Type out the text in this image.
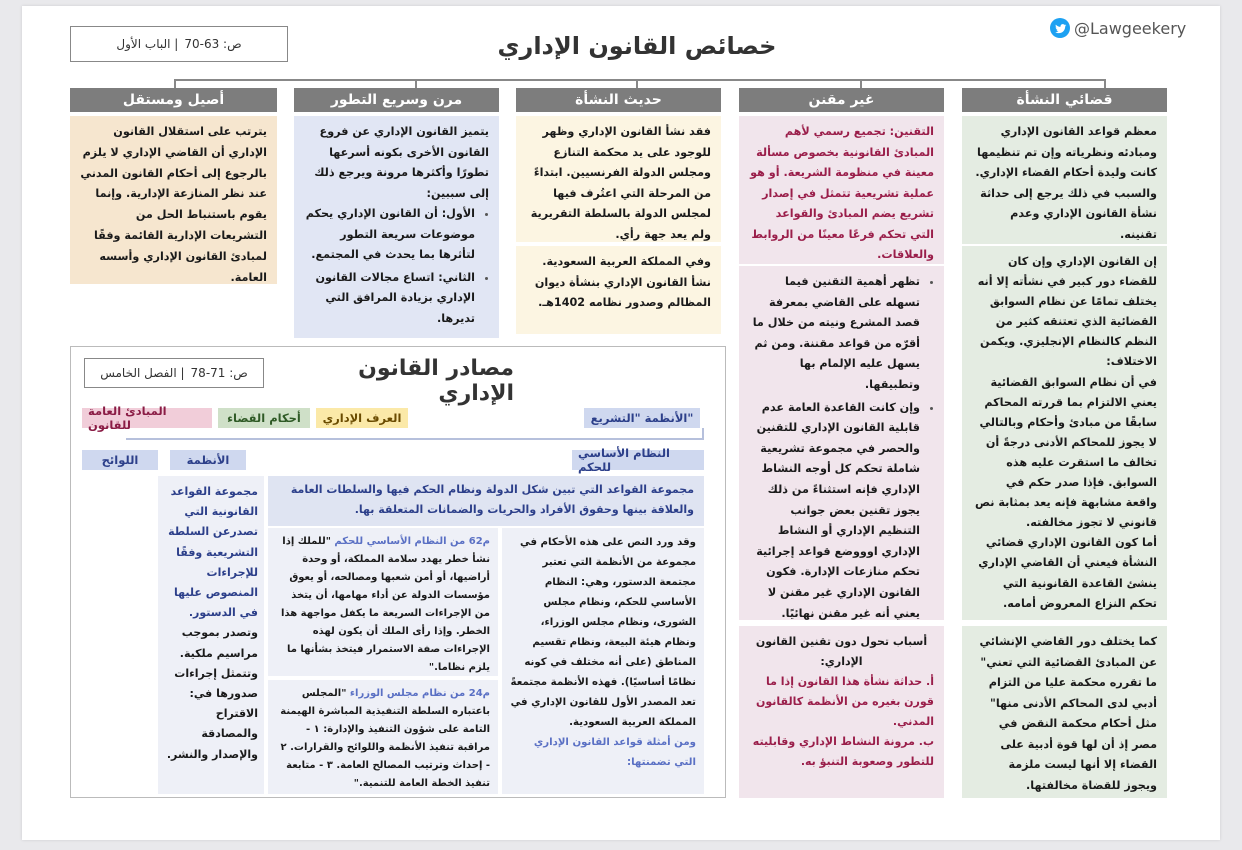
@Lawgeekery
ص: 63-70
| الباب الأول	خصائص القانون الإداري
قضائي النشأة
معظم قواعد القانون الإداري ومبادئه ونظرياته وإن تم تنظيمها كانت وليدة أحكام القضاء الإداري. والسبب في ذلك يرجع إلى حداثة نشأة القانون الإداري وعدم تقنينه.
إن القانون الإداري وإن كان للقضاء دور كبير في نشأته إلا أنه يختلف تمامًا عن نظام السوابق القضائية الذي تعتنقه كثير من النظم كالنظام الإنجليزي. ويكمن الاختلاف:
في أن نظام السوابق القضائية يعني الالتزام بما قررته المحاكم سابقًا من مبادئ وأحكام وبالتالي لا يجوز للمحاكم الأدنى درجةً أن تخالف ما استقرت عليه هذه السوابق. فإذا صدر حكم في واقعة مشابهة فإنه يعد بمثابة نص قانوني لا تجوز مخالفته.
أما كون القانون الإداري قضائي النشأة فيعني أن القاضي الإداري ينشئ القاعدة القانونية التي تحكم النزاع المعروض أمامه.
كما يختلف دور القاضي الإنشائي عن المبادئ القضائية التي تعني" ما تقرره محكمة عليا من التزام أدبي لدى المحاكم الأدنى منها" مثل أحكام محكمة النقض في مصر إذ أن لها قوة أدبية على القضاء إلا أنها ليست ملزمة ويجوز للقضاة مخالفتها.
غير مقنن
التقنين: تجميع رسمي لأهم المبادئ القانونية بخصوص مسألة معينة في منظومة الشريعة. أو هو عملية تشريعية تتمثل في إصدار تشريع يضم المبادئ والقواعد التي تحكم فرعًا معينًا من الروابط والعلاقات.
• تظهر أهمية التقنين فيما تسهله على القاضي بمعرفة قصد المشرع ونيته من خلال ما أقرّه من قواعد مقننة. ومن ثم يسهل عليه الإلمام بها وتطبيقها.
• وإن كانت القاعدة العامة عدم قابلية القانون الإداري للتقنين والحصر في مجموعة تشريعية شاملة تحكم كل أوجه النشاط الإداري فإنه استثناءً من ذلك يجوز تقنين بعض جوانب التنظيم الإداري أو النشاط الإداري اوووضع قواعد إجرائية تحكم منازعات الإدارة. فكون القانون الإداري غير مقنن لا يعني أنه غير مقنن نهائيًا.
أسباب تحول دون تقنين القانون الإداري:
أ. حداثة نشأة هذا القانون إذا ما قورن بغيره من الأنظمة كالقانون المدني.
ب. مرونة النشاط الإداري وقابليته للتطور وصعوبة التنبؤ به.
حديث النشأة
فقد نشأ القانون الإداري وظهر للوجود على يد محكمة التنازع ومجلس الدولة الفرنسيين. ابتداءً من المرحلة التي اعتُرف فيها لمجلس الدولة بالسلطة التقريرية ولم يعد جهة رأي.
وفي المملكة العربية السعودية. نشأ القانون الإداري بنشأة ديوان المظالم وصدور نظامه 1402هـ.
مرن وسريع التطور
يتميز القانون الإداري عن فروع القانون الأخرى بكونه أسرعها تطورًا وأكثرها مرونة ويرجع ذلك إلى سببين:
• الأول: أن القانون الإداري يحكم موضوعات سريعة التطور لتأثرها بما يحدث في المجتمع.
• الثاني: اتساع مجالات القانون الإداري بزيادة المرافق التي تديرها.
أصيل ومستقل
يترتب على استقلال القانون الإداري أن القاضي الإداري لا يلزم بالرجوع إلى أحكام القانون المدني عند نظر المنازعة الإدارية. وإنما يقوم باستنباط الحل من التشريعات الإدارية القائمة وفقًا لمبادئ القانون الإداري وأسسه العامة.
ص: 71-78
| الفصل الخامس	مصادر القانون الإداري
الأنظمة "التشريع"
العرف الإداري
أحكام القضاء
المبادئ العامة للقانون
النظام الأساسي للحكم
الأنظمة
اللوائح
مجموعة القواعد التي تبين شكل الدولة ونظام الحكم فيها والسلطات العامة والعلاقة بينها وحقوق الأفراد والحريات والضمانات المتعلقة بها.
وقد ورد النص على هذه الأحكام في مجموعة من الأنظمة التي تعتبر مجتمعة الدستور، وهي: النظام الأساسي للحكم، ونظام مجلس الشورى، ونظام مجلس الوزراء، ونظام هيئة البيعة، ونظام تقسيم المناطق (على أنه مختلف في كونه نظامًا أساسيًا). فهذه الأنظمة مجتمعةً تعد المصدر الأول للقانون الإداري في المملكة العربية السعودية.
ومن أمثلة قواعد القانون الإداري التي تضمنتها:
م62 من النظام الأساسي للحكم "للملك إذا نشأ خطر يهدد سلامة المملكة، أو وحدة أراضيها، أو أمن شعبها ومصالحه، أو يعوق مؤسسات الدولة عن أداء مهامها، أن يتخذ من الإجراءات السريعة ما يكفل مواجهة هذا الخطر. وإذا رأى الملك أن يكون لهذه الإجراءات صفة الاستمرار فيتخذ بشأنها ما يلزم نظاما."
م24 من نظام مجلس الوزراء "المجلس باعتباره السلطة التنفيذية المباشرة الهيمنة التامة على شؤون التنفيذ والإدارة: ١ - مراقبة تنفيذ الأنظمة واللوائح والقرارات. ٢ - إحداث وترتيب المصالح العامة. ٣ - متابعة تنفيذ الخطة العامة للتنمية."
مجموعة القواعد القانونية التي تصدرعن السلطة التشريعية وفقًا للإجراءات المنصوص عليها في الدستور.
وتصدر بموجب مراسيم ملكية. وتتمثل إجراءات صدورها في: الاقتراح والمصادقة والإصدار والنشر.
